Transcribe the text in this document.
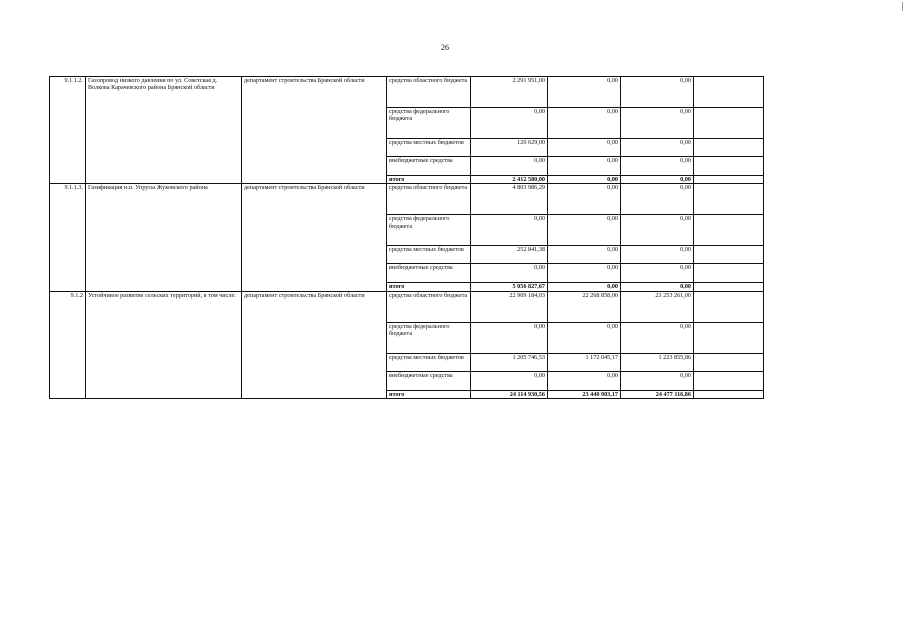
26
9.1.1.2.	Газопровод низкого давления по ул. Советская д. Волкова Карачевского района Брянской области	департамент строительства Брянской области	средства областного бюджета	2 291 951,00	0,00	0,00	
			средства федерального бюджета	0,00	0,00	0,00	
			средства местных бюджетов	120 629,00	0,00	0,00	
			внебюджетные средства	0,00	0,00	0,00	
			итого	2 412 580,00	0,00	0,00	
9.1.1.3.	Газификация н.п. Упрусы Жуковского района	департамент строительства Брянской области	средства областного бюджета	4 803 986,29	0,00	0,00	
			средства федерального бюджета	0,00	0,00	0,00	
			средства местных бюджетов	252 841,38	0,00	0,00	
			внебюджетные средства	0,00	0,00	0,00	
			итого	5 056 827,67	0,00	0,00	
9.1.2	Устойчивое развитие сельских территорий, в том числе:	департамент строительства Брянской области	средства областного бюджета	22 909 184,03	22 268 858,00	23 253 261,00	
			средства федерального бюджета	0,00	0,00	0,00	
			средства местных бюджетов	1 205 746,53	1 172 045,17	1 223 855,86	
			внебюджетные средства	0,00	0,00	0,00	
			итого	24 114 930,56	23 440 903,17	24 477 116,86	
